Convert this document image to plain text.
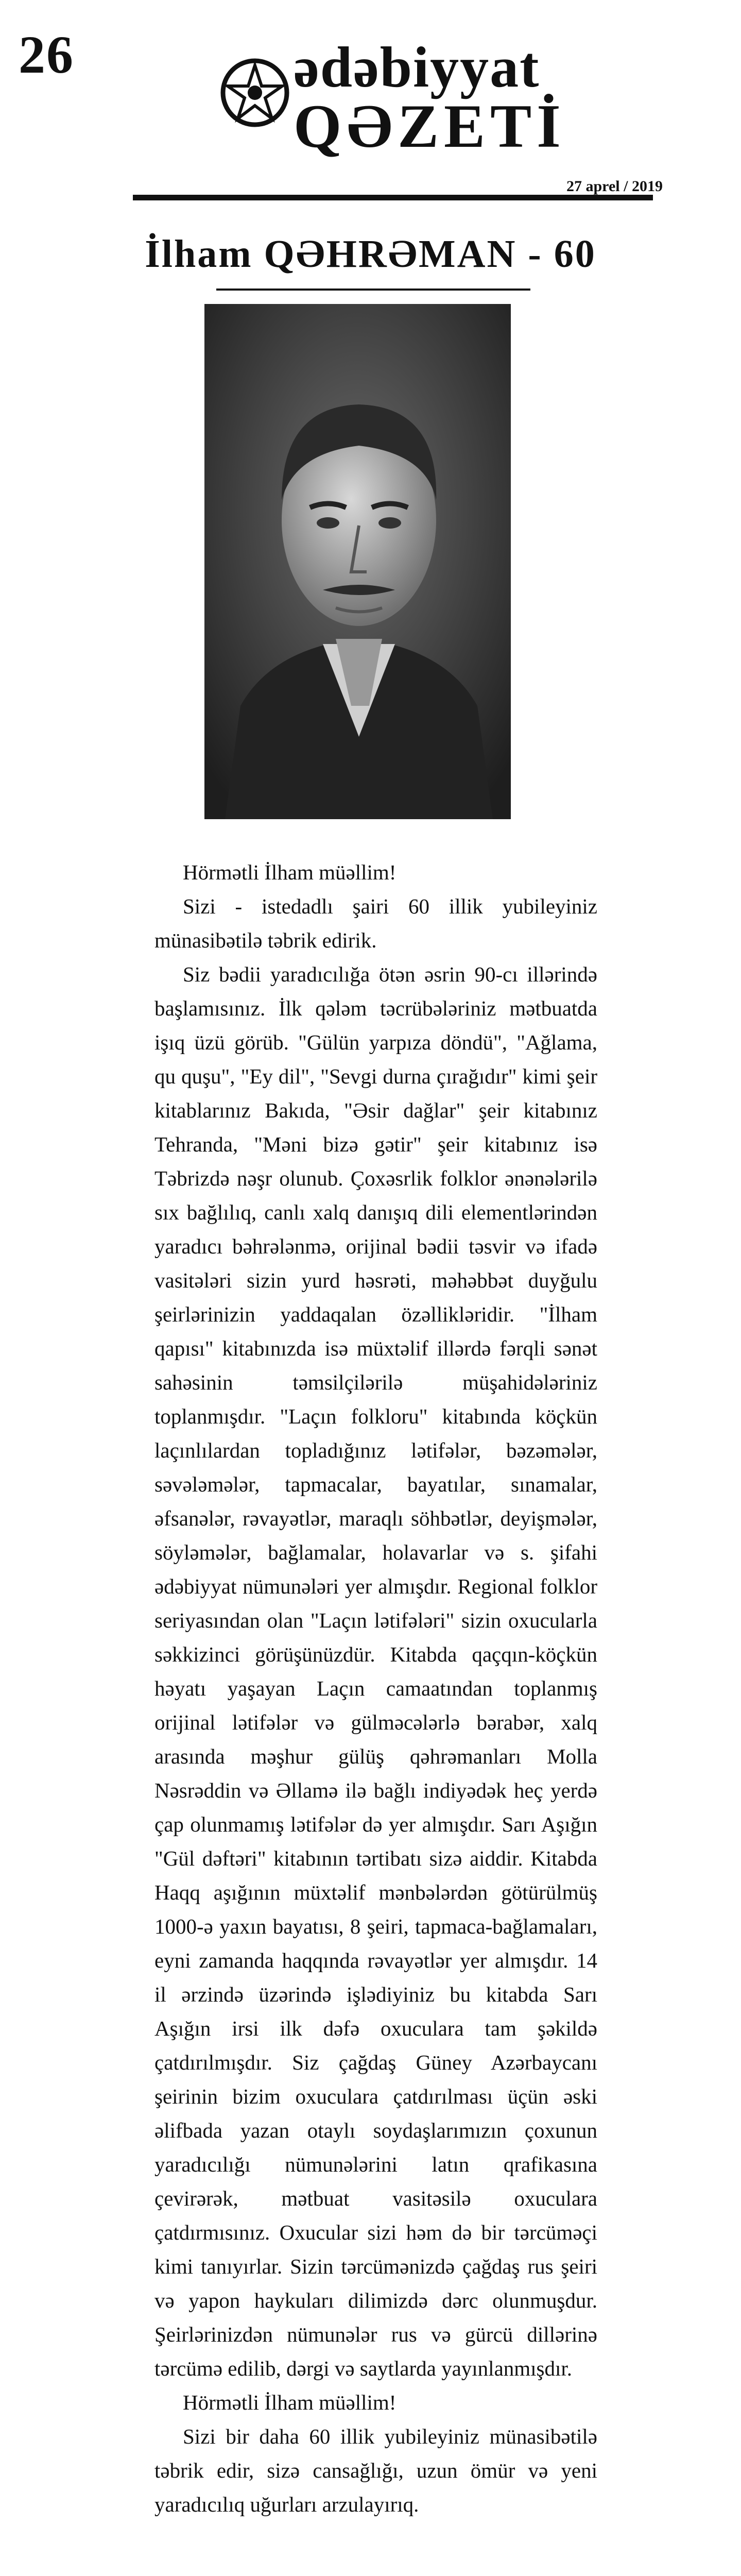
26	ədəbiyyat
QƏZETİ
27 aprel / 2019
İlham QƏHRƏMAN - 60

Hörmətli İlham müəllim!

Sizi - istedadlı şairi 60 illik yubileyiniz münasibətilə təbrik edirik.

Siz bədii yaradıcılığa ötən əsrin 90-cı illərində başlamısınız. İlk qələm təcrübələriniz mətbuatda işıq üzü görüb. "Gülün yarpıza döndü", "Ağlama, qu quşu", "Ey dil", "Sevgi durna çırağıdır" kimi şeir kitablarınız Bakıda, "Əsir dağlar" şeir kitabınız Tehranda, "Məni bizə gətir" şeir kitabınız isə Təbrizdə nəşr olunub. Çoxəsrlik folklor ənənələrilə sıx bağlılıq, canlı xalq danışıq dili elementlərindən yaradıcı bəhrələnmə, orijinal bədii təsvir və ifadə vasitələri sizin yurd həsrəti, məhəbbət duyğulu şeirlərinizin yaddaqalan özəllikləridir. "İlham qapısı" kitabınızda isə müxtəlif illərdə fərqli sənət sahəsinin təmsilçilərilə müşahidələriniz toplanmışdır. "Laçın folkloru" kitabında köçkün laçınlılardan topladığınız lətifələr, bəzəmələr, səvələmələr, tapmacalar, bayatılar, sınamalar, əfsanələr, rəvayətlər, maraqlı söhbətlər, deyişmələr, söyləmələr, bağlamalar, holavarlar və s. şifahi ədəbiyyat nümunələri yer almışdır. Regional folklor seriyasından olan "Laçın lətifələri" sizin oxucularla səkkizinci görüşünüzdür. Kitabda qaçqın-köçkün həyatı yaşayan Laçın camaatından toplanmış orijinal lətifələr və gülməcələrlə bərabər, xalq arasında məşhur gülüş qəhrəmanları Molla Nəsrəddin və Əllamə ilə bağlı indiyədək heç yerdə çap olunmamış lətifələr də yer almışdır. Sarı Aşığın "Gül dəftəri" kitabının tərtibatı sizə aiddir. Kitabda Haqq aşığının müxtəlif mənbələrdən götürülmüş 1000-ə yaxın bayatısı, 8 şeiri, tapmaca-bağlamaları, eyni zamanda haqqında rəvayətlər yer almışdır. 14 il ərzində üzərində işlədiyiniz bu kitabda Sarı Aşığın irsi ilk dəfə oxuculara tam şəkildə çatdırılmışdır. Siz çağdaş Güney Azərbaycanı şeirinin bizim oxuculara çatdırılması üçün əski əlifbada yazan otaylı soydaşlarımızın çoxunun yaradıcılığı nümunələrini latın qrafikasına çevirərək, mətbuat vasitəsilə oxuculara çatdırmısınız. Oxucular sizi həm də bir tərcüməçi kimi tanıyırlar. Sizin tərcümənizdə çağdaş rus şeiri və yapon haykuları dilimizdə dərc olunmuşdur. Şeirlərinizdən nümunələr rus və gürcü dillərinə tərcümə edilib, dərgi və saytlarda yayınlanmışdır.

Hörmətli İlham müəllim!

Sizi bir daha 60 illik yubileyiniz münasibətilə təbrik edir, sizə cansağlığı, uzun ömür və yeni yaradıcılıq uğurları arzulayırıq.
